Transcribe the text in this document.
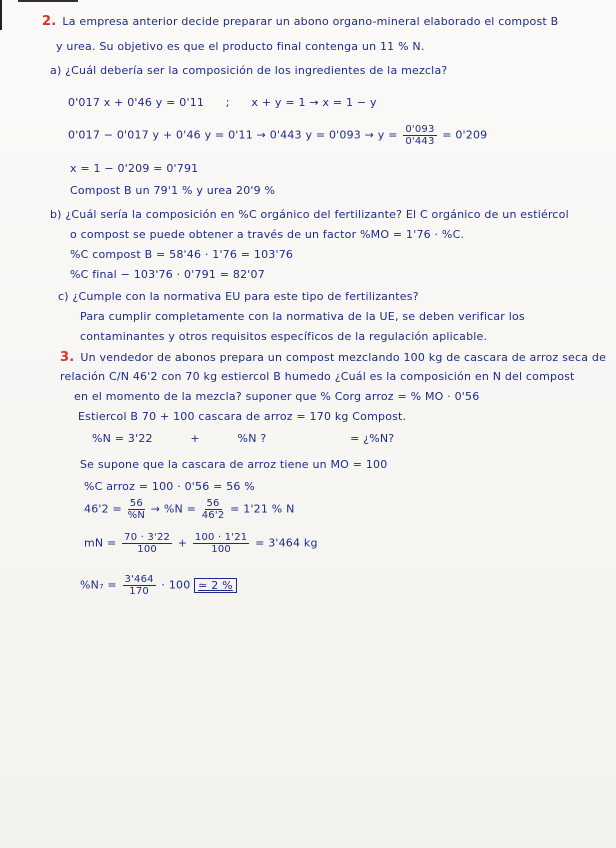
2. La empresa anterior decide preparar un abono organo-mineral elaborado el compost B
y urea. Su objetivo es que el producto final contenga un 11 % N.
a) ¿Cuál debería ser la composición de los ingredientes de la mezcla?
0'017 x + 0'46 y = 0'11 ; x + y = 1 → x = 1 − y
0'017 − 0'017 y + 0'46 y = 0'11 → 0'443 $y = 0'093 \to y = \frac{0'093}{0'443} = 0'209$
x = 1 − 0'209 = 0'791
Compost B un 79'1 % y urea 20'9 %
b) ¿Cuál sería la composición en %C orgánico del fertilizante? El C orgánico de un estiércol
o compost se puede obtener a través de un factor %MO = 1'76 · %C.
%C compost B = 58'46 · 1'76 = 103'76
%C final − 103'76 · 0'791 = 82'07
c) ¿Cumple con la normativa EU para este tipo de fertilizantes?
Para cumplir completamente con la normativa de la UE, se deben verificar los
contaminantes y otros requisitos específicos de la regulación aplicable.
3. Un vendedor de abonos prepara un compost mezclando 100 kg de cascara de arroz seca de
relación C/N 46'2 con 70 kg estiercol B humedo ¿Cuál es la composición en N del compost
en el momento de la mezcla? suponer que % Corg arroz = % MO · 0'56
Estiercol B 70 + 100 cascara de arroz = 170 kg Compost.
%N = 3'22	+	%N ?	= ¿%N?
Se supone que la cascara de arroz tiene un MO = 100
%C arroz = 100 · 0'56 = 56 %
$46'2 = \frac{56}{\%N} \to \%N = \frac{56}{46'2} = 1'21$ % N
mN = $\frac{70 \cdot 3'22}{100} + \frac{100 \cdot 1'21}{100} = 3'464$ kg
$\%N_7 = \frac{3'464}{170} \cdot 100$ ≃ 2 %
